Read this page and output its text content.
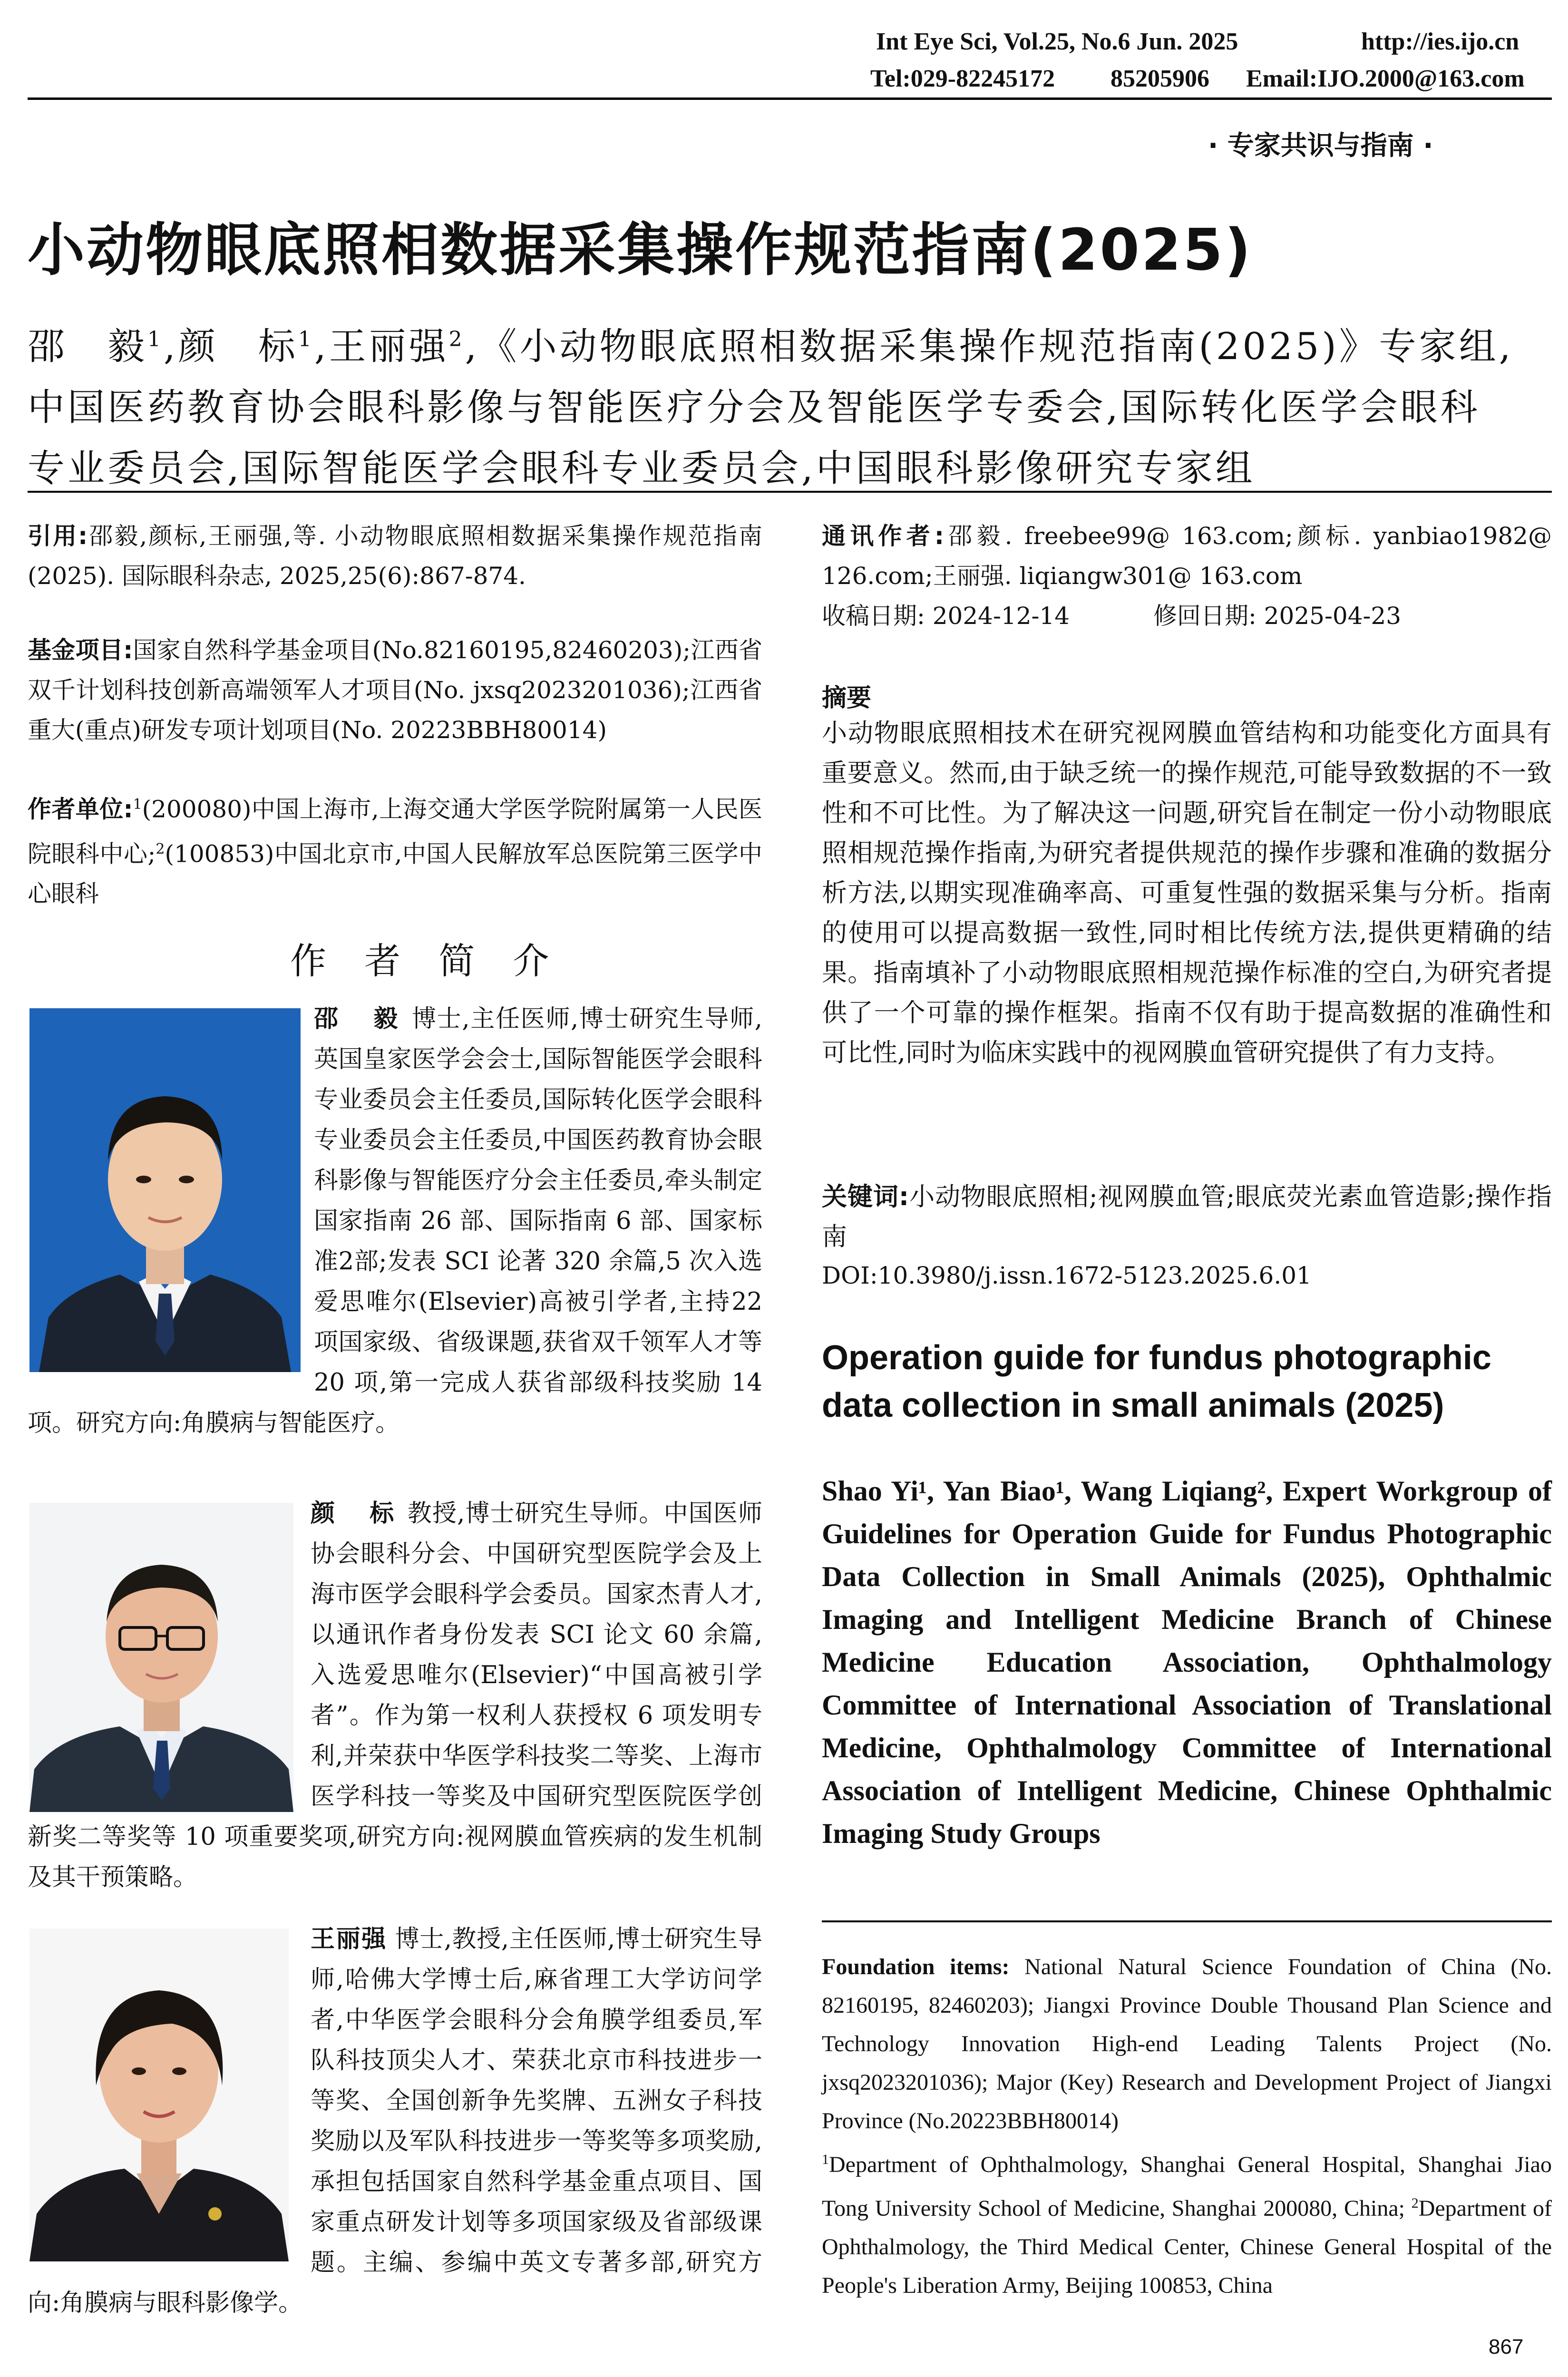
Int Eye Sci, Vol.25, No.6 Jun. 2025	http://ies.ijo.cn
Tel:029-82245172 85205906 Email:IJO.2000@163.com
· 专家共识与指南 ·
小动物眼底照相数据采集操作规范指南(2025)
邵　毅$^1$,颜　标$^1$,王丽强$^2$,《小动物眼底照相数据采集操作规范指南(2025)》专家组,
中国医药教育协会眼科影像与智能医疗分会及智能医学专委会,国际转化医学会眼科
专业委员会,国际智能医学会眼科专业委员会,中国眼科影像研究专家组
引用:邵毅,颜标,王丽强,等. 小动物眼底照相数据采集操作规范指南(2025). 国际眼科杂志, 2025,25(6):867-874.
基金项目:国家自然科学基金项目(No.82160195,82460203);江西省双千计划科技创新高端领军人才项目(No. jxsq2023201036);江西省重大(重点)研发专项计划项目(No. 20223BBH80014)
作者单位:$^1$(200080)中国上海市,上海交通大学医学院附属第一人民医院眼科中心;$^2$(100853)中国北京市,中国人民解放军总医院第三医学中心眼科
作 者 简 介
邵　毅 博士,主任医师,博士研究生导师,英国皇家医学会会士,国际智能医学会眼科专业委员会主任委员,国际转化医学会眼科专业委员会主任委员,中国医药教育协会眼科影像与智能医疗分会主任委员,牵头制定国家指南 26 部、国际指南 6 部、国家标准2部;发表 SCI 论著 320 余篇,5 次入选爱思唯尔(Elsevier)高被引学者,主持22 项国家级、省级课题,获省双千领军人才等20 项,第一完成人获省部级科技奖励 14 项。研究方向:角膜病与智能医疗。
颜　标 教授,博士研究生导师。中国医师协会眼科分会、中国研究型医院学会及上海市医学会眼科学会委员。国家杰青人才,以通讯作者身份发表 SCI 论文 60 余篇,入选爱思唯尔(Elsevier)“中国高被引学者”。作为第一权利人获授权 6 项发明专利,并荣获中华医学科技奖二等奖、上海市医学科技一等奖及中国研究型医院医学创新奖二等奖等 10 项重要奖项,研究方向:视网膜血管疾病的发生机制及其干预策略。
王丽强 博士,教授,主任医师,博士研究生导师,哈佛大学博士后,麻省理工大学访问学者,中华医学会眼科分会角膜学组委员,军队科技顶尖人才、荣获北京市科技进步一等奖、全国创新争先奖牌、五洲女子科技奖励以及军队科技进步一等奖等多项奖励,承担包括国家自然科学基金重点项目、国家重点研发计划等多项国家级及省部级课题。主编、参编中英文专著多部,研究方向:角膜病与眼科影像学。
通讯作者:邵毅. freebee99@ 163.com;颜标. yanbiao1982@ 126.com;王丽强. liqiangw301@ 163.com
收稿日期: 2024-12-14	修回日期: 2025-04-23
摘要
小动物眼底照相技术在研究视网膜血管结构和功能变化方面具有重要意义。然而,由于缺乏统一的操作规范,可能导致数据的不一致性和不可比性。为了解决这一问题,研究旨在制定一份小动物眼底照相规范操作指南,为研究者提供规范的操作步骤和准确的数据分析方法,以期实现准确率高、可重复性强的数据采集与分析。指南的使用可以提高数据一致性,同时相比传统方法,提供更精确的结果。指南填补了小动物眼底照相规范操作标准的空白,为研究者提供了一个可靠的操作框架。指南不仅有助于提高数据的准确性和可比性,同时为临床实践中的视网膜血管研究提供了有力支持。
关键词:小动物眼底照相;视网膜血管;眼底荧光素血管造影;操作指南
DOI:10.3980/j.issn.1672-5123.2025.6.01
Operation guide for fundus photographic data collection in small animals (2025)
Shao Yi¹, Yan Biao¹, Wang Liqiang², Expert Workgroup of Guidelines for Operation Guide for Fundus Photographic Data Collection in Small Animals (2025), Ophthalmic Imaging and Intelligent Medicine Branch of Chinese Medicine Education Association, Ophthalmology Committee of International Association of Translational Medicine, Ophthalmology Committee of International Association of Intelligent Medicine, Chinese Ophthalmic Imaging Study Groups
Foundation items: National Natural Science Foundation of China (No. 82160195, 82460203); Jiangxi Province Double Thousand Plan Science and Technology Innovation High-end Leading Talents Project (No. jxsq2023201036); Major (Key) Research and Development Project of Jiangxi Province (No.20223BBH80014)
$^1$Department of Ophthalmology, Shanghai General Hospital, Shanghai Jiao Tong University School of Medicine, Shanghai 200080, China; $^2$Department of Ophthalmology, the Third Medical Center, Chinese General Hospital of the People's Liberation Army, Beijing 100853, China
867
